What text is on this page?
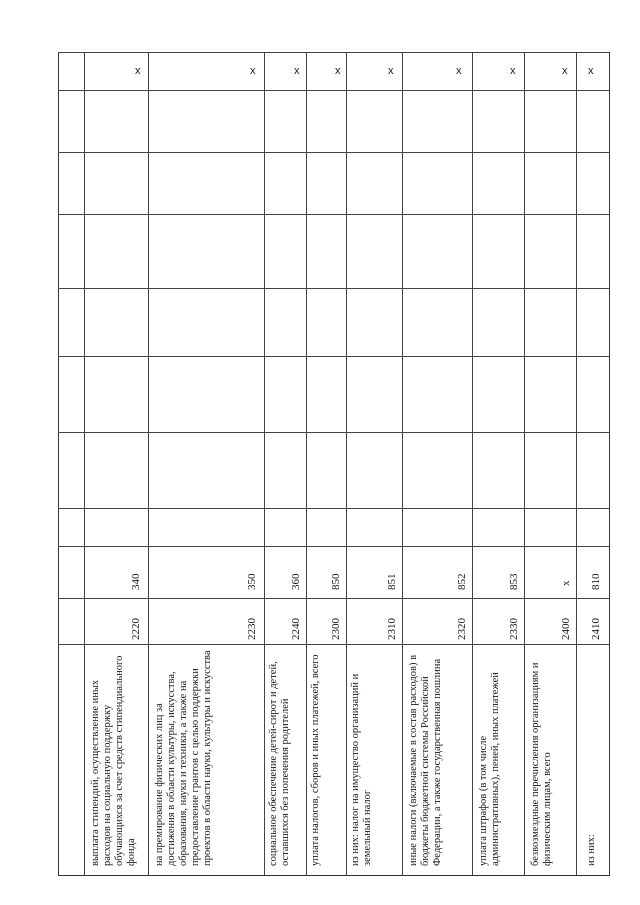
выплата стипендий, осуществление иных расходов на социальную поддержку обучающихся за счет средств стипендиального фонда
2220
340
x
на премирование физических лиц за достижения в области культуры, искусства, образования, науки и техники, а также на предоставление грантов с целью поддержки проектов в области науки, культуры и искусства
2230
350
x
социальное обеспечение детей-сирот и детей, оставшихся без попечения родителей
2240
360
x
уплата налогов, сборов и иных платежей, всего
2300
850
x
из них: налог на имущество организаций и земельный налог
2310
851
x
иные налоги (включаемые в состав расходов) в бюджеты бюджетной системы Российской Федерации, а также государственная пошлина
2320
852
x
уплата штрафов (в том числе административных), пеней, иных платежей
2330
853
x
безвозмездные перечисления организациям и физическим лицам, всего
2400
x
x
из них:
2410
810
x
